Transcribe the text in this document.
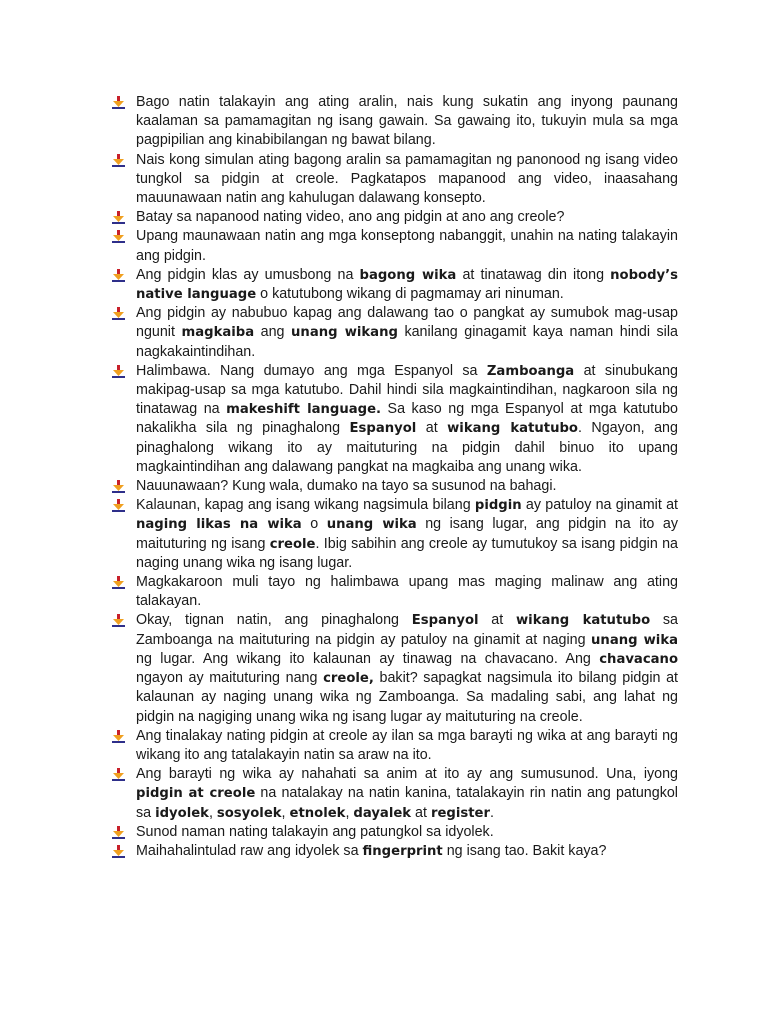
Bago natin talakayin ang ating aralin, nais kung sukatin ang inyong paunang kaalaman sa pamamagitan ng isang gawain. Sa gawaing ito, tukuyin mula sa mga pagpipilian ang kinabibilangan ng bawat bilang.
Nais kong simulan ating bagong aralin sa pamamagitan ng panonood ng isang video tungkol sa pidgin at creole. Pagkatapos mapanood ang video, inaasahang mauunawaan natin ang kahulugan dalawang konsepto.
Batay sa napanood nating video, ano ang pidgin at ano ang creole?
Upang maunawaan natin ang mga konseptong nabanggit, unahin na nating talakayin ang pidgin.
Ang pidgin klas ay umusbong na bagong wika at tinatawag din itong nobody’s native language o katutubong wikang di pagmamay ari ninuman.
Ang pidgin ay nabubuo kapag ang dalawang tao o pangkat ay sumubok mag-usap ngunit magkaiba ang unang wikang kanilang ginagamit kaya naman hindi sila nagkakaintindihan.
Halimbawa. Nang dumayo ang mga Espanyol sa Zamboanga at sinubukang makipag-usap sa mga katutubo. Dahil hindi sila magkaintindihan, nagkaroon sila ng tinatawag na makeshift language. Sa kaso ng mga Espanyol at mga katutubo nakalikha sila ng pinaghalong Espanyol at wikang katutubo. Ngayon, ang pinaghalong wikang ito ay maituturing na pidgin dahil binuo ito upang magkaintindihan ang dalawang pangkat na magkaiba ang unang wika.
Nauunawaan? Kung wala, dumako na tayo sa susunod na bahagi.
Kalaunan, kapag ang isang wikang nagsimula bilang pidgin ay patuloy na ginamit at naging likas na wika o unang wika ng isang lugar, ang pidgin na ito ay maituturing ng isang creole. Ibig sabihin ang creole ay tumutukoy sa isang pidgin na naging unang wika ng isang lugar.
Magkakaroon muli tayo ng halimbawa upang mas maging malinaw ang ating talakayan.
Okay, tignan natin, ang pinaghalong Espanyol at wikang katutubo sa Zamboanga na maituturing na pidgin ay patuloy na ginamit at naging unang wika ng lugar. Ang wikang ito kalaunan ay tinawag na chavacano. Ang chavacano ngayon ay maituturing nang creole, bakit? sapagkat nagsimula ito bilang pidgin at kalaunan ay naging unang wika ng Zamboanga. Sa madaling sabi, ang lahat ng pidgin na nagiging unang wika ng isang lugar ay maituturing na creole.
Ang tinalakay nating pidgin at creole ay ilan sa mga barayti ng wika at ang barayti ng wikang ito ang tatalakayin natin sa araw na ito.
Ang barayti ng wika ay nahahati sa anim at ito ay ang sumusunod. Una, iyong pidgin at creole na natalakay na natin kanina, tatalakayin rin natin ang patungkol sa idyolek, sosyolek, etnolek, dayalek at register.
Sunod naman nating talakayin ang patungkol sa idyolek.
Maihahalintulad raw ang idyolek sa fingerprint ng isang tao. Bakit kaya?
